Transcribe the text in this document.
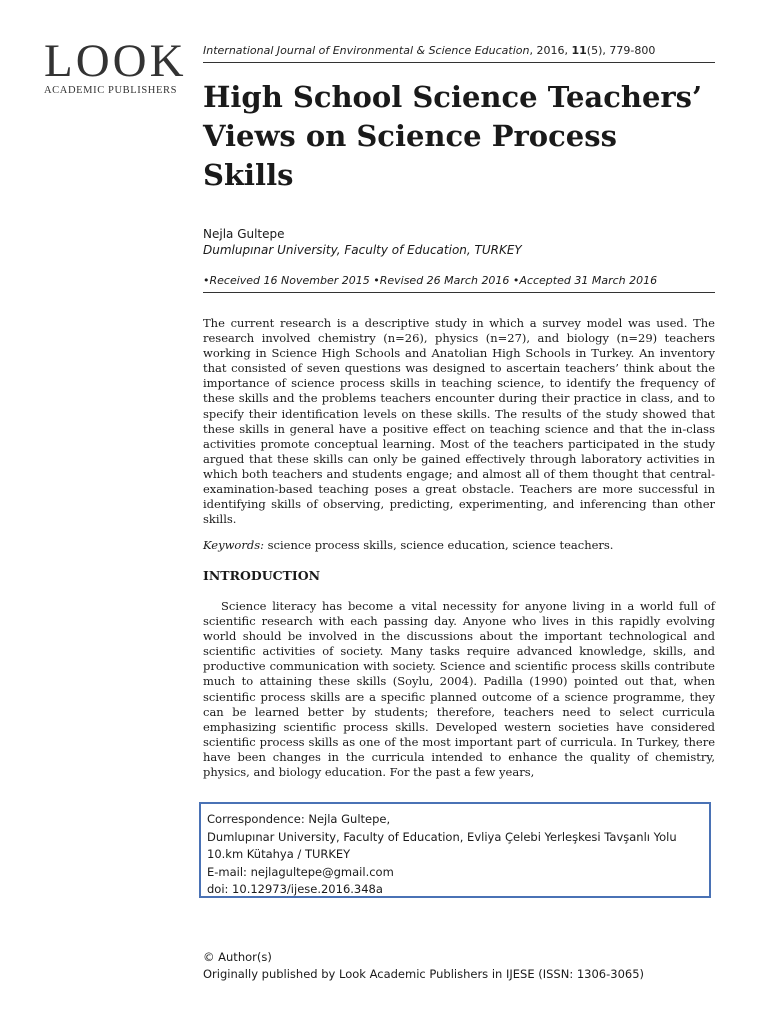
LOOK
ACADEMIC PUBLISHERS
International Journal of Environmental & Science Education, 2016, 11(5), 779-800
High School Science Teachers’ Views on Science Process Skills
Nejla Gultepe
Dumlupınar University, Faculty of Education, TURKEY
•Received 16 November 2015 •Revised 26 March 2016 •Accepted 31 March 2016

The current research is a descriptive study in which a survey model was used. The research involved chemistry (n=26), physics (n=27), and biology (n=29) teachers working in Science High Schools and Anatolian High Schools in Turkey. An inventory that consisted of seven questions was designed to ascertain teachers’ think about the importance of science process skills in teaching science, to identify the frequency of these skills and the problems teachers encounter during their practice in class, and to specify their identification levels on these skills. The results of the study showed that these skills in general have a positive effect on teaching science and that the in-class activities promote conceptual learning. Most of the teachers participated in the study argued that these skills can only be gained effectively through laboratory activities in which both teachers and students engage; and almost all of them thought that central-examination-based teaching poses a great obstacle. Teachers are more successful in identifying skills of observing, predicting, experimenting, and inferencing than other skills.

Keywords: science process skills, science education, science teachers.
INTRODUCTION

Science literacy has become a vital necessity for anyone living in a world full of scientific research with each passing day. Anyone who lives in this rapidly evolving world should be involved in the discussions about the important technological and scientific activities of society. Many tasks require advanced knowledge, skills, and productive communication with society. Science and scientific process skills contribute much to attaining these skills (Soylu, 2004). Padilla (1990) pointed out that, when scientific process skills are a specific planned outcome of a science programme, they can be learned better by students; therefore, teachers need to select curricula emphasizing scientific process skills. Developed western societies have considered scientific process skills as one of the most important part of curricula. In Turkey, there have been changes in the curricula intended to enhance the quality of chemistry, physics, and biology education. For the past a few years,

Correspondence: Nejla Gultepe,
Dumlupınar University, Faculty of Education, Evliya Çelebi Yerleşkesi Tavşanlı Yolu
10.km Kütahya / TURKEY
E-mail: nejlagultepe@gmail.com
doi: 10.12973/ijese.2016.348a
© Author(s)
Originally published by Look Academic Publishers in IJESE (ISSN: 1306-3065)
